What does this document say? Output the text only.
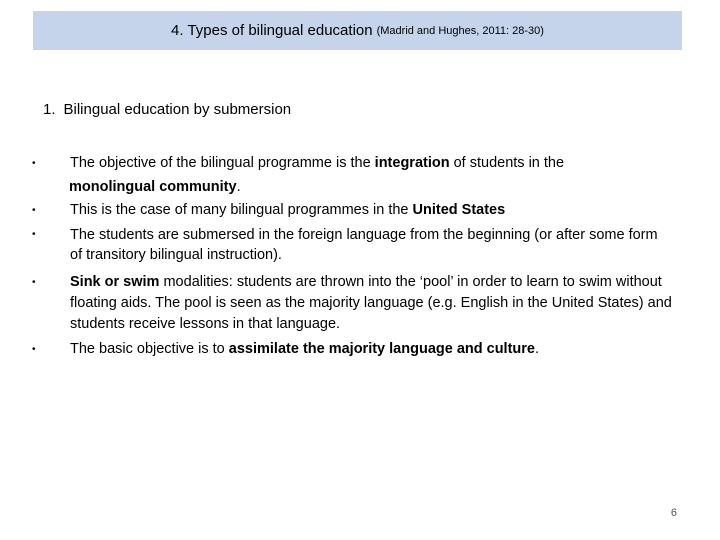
4. Types of bilingual education (Madrid and Hughes, 2011: 28-30)
1. Bilingual education by submersion
•	The objective of the bilingual programme is the integration of students in the
monolingual community.
•	This is the case of many bilingual programmes in the United States
•	The students are submersed in the foreign language from the beginning (or after some form of transitory bilingual instruction).
•	Sink or swim modalities: students are thrown into the ‘pool’ in order to learn to swim without floating aids. The pool is seen as the majority language (e.g. English in the United States) and students receive lessons in that language.
•	The basic objective is to assimilate the majority language and culture.
6
